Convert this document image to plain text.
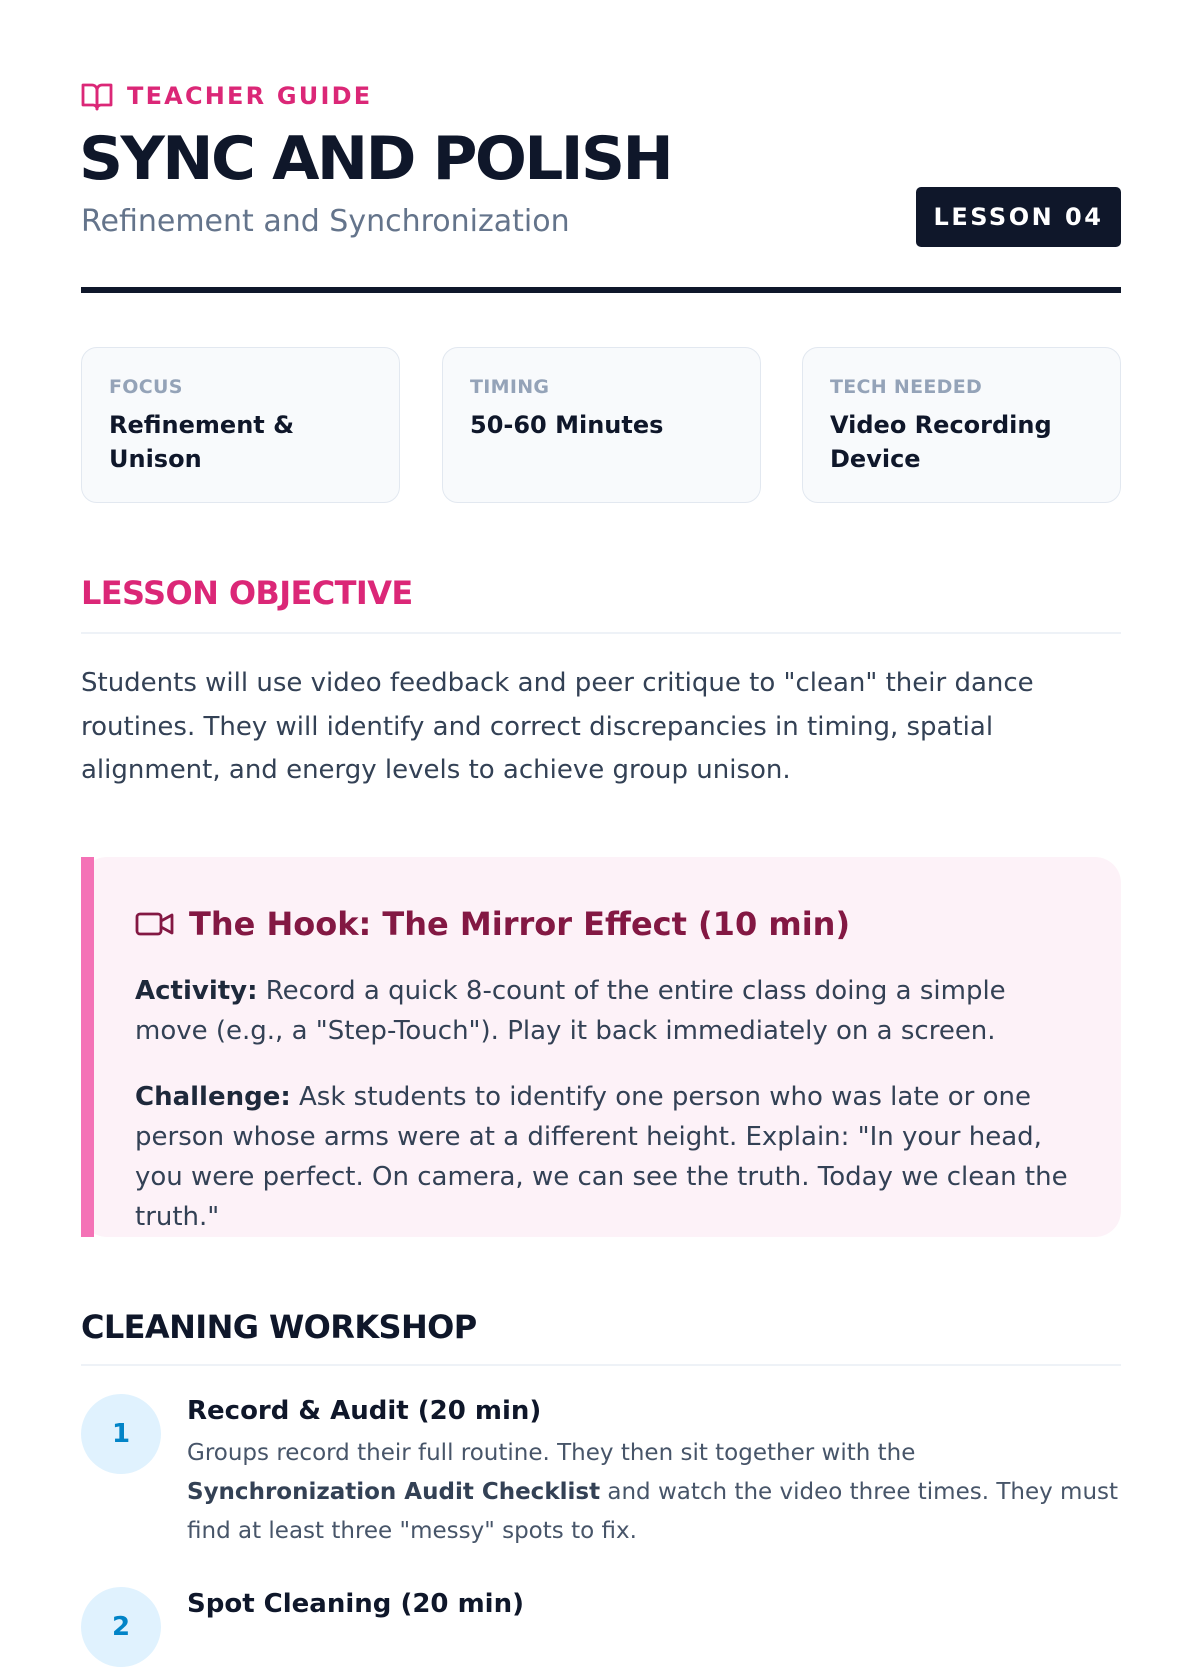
TEACHER GUIDE
SYNC AND POLISH
Refinement and Synchronization	LESSON 04
FOCUS
Refinement & Unison
TIMING
50-60 Minutes
TECH NEEDED
Video Recording Device
LESSON OBJECTIVE

Students will use video feedback and peer critique to "clean" their dance routines. They will identify and correct discrepancies in timing, spatial alignment, and energy levels to achieve group unison.

The Hook: The Mirror Effect (10 min)

Activity: Record a quick 8-count of the entire class doing a simple move (e.g., a "Step-Touch"). Play it back immediately on a screen.

Challenge: Ask students to identify one person who was late or one person whose arms were at a different height. Explain: "In your head, you were perfect. On camera, we can see the truth. Today we clean the truth."

CLEANING WORKSHOP
1
Record & Audit (20 min)

Groups record their full routine. They then sit together with the Synchronization Audit Checklist and watch the video three times. They must find at least three "messy" spots to fix.

2
Spot Cleaning (20 min)
